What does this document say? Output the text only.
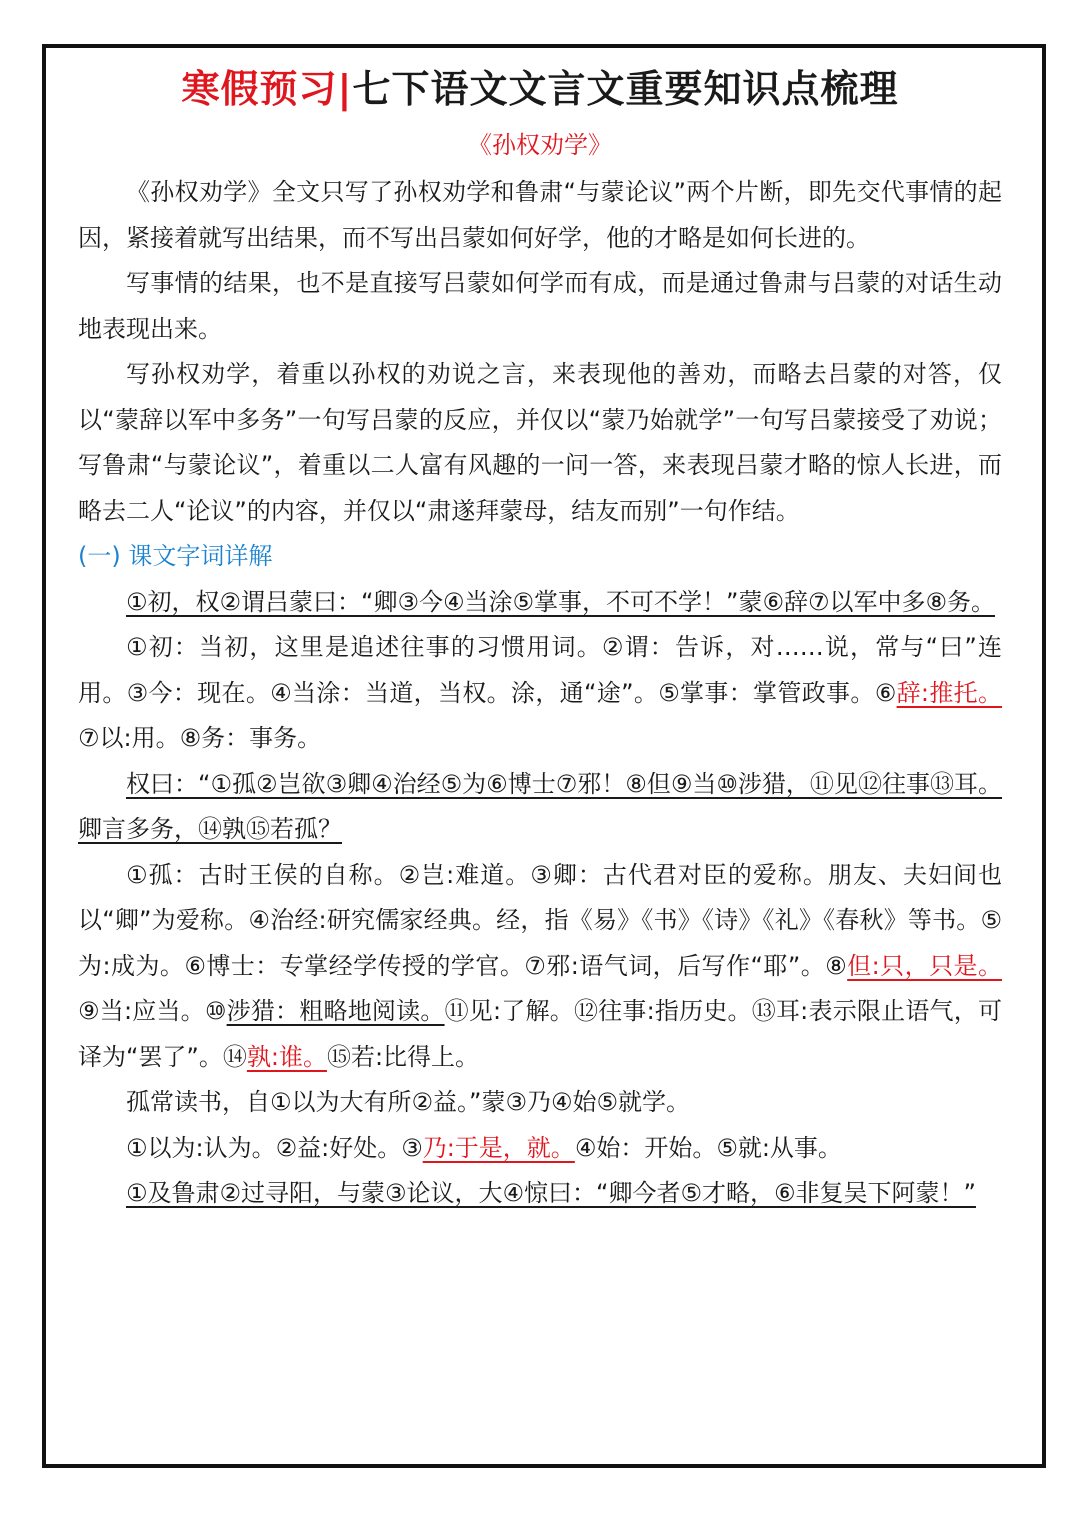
寒假预习|七下语文文言文重要知识点梳理

《孙权劝学》

《孙权劝学》全文只写了孙权劝学和鲁肃“与蒙论议”两个片断，即先交代事情的起因，紧接着就写出结果，而不写出吕蒙如何好学，他的才略是如何长进的。

写事情的结果，也不是直接写吕蒙如何学而有成，而是通过鲁肃与吕蒙的对话生动地表现出来。

写孙权劝学，着重以孙权的劝说之言，来表现他的善劝，而略去吕蒙的对答，仅以“蒙辞以军中多务”一句写吕蒙的反应，并仅以“蒙乃始就学”一句写吕蒙接受了劝说；写鲁肃“与蒙论议”，着重以二人富有风趣的一问一答，来表现吕蒙才略的惊人长进，而略去二人“论议”的内容，并仅以“肃遂拜蒙母，结友而别”一句作结。

(一) 课文字词详解

①初，权②谓吕蒙曰：“卿③今④当涂⑤掌事，不可不学！”蒙⑥辞⑦以军中多⑧务。

①初：当初，这里是追述往事的习惯用词。②谓：告诉，对……说，常与“曰”连用。③今：现在。④当涂：当道，当权。涂，通“途”。⑤掌事：掌管政事。⑥辞:推托。⑦以:用。⑧务：事务。

权曰：“①孤②岂欲③卿④治经⑤为⑥博士⑦邪！⑧但⑨当⑩涉猎，⑪见⑫往事⑬耳。卿言多务，⑭孰⑮若孤？

①孤：古时王侯的自称。②岂:难道。③卿：古代君对臣的爱称。朋友、夫妇间也以“卿”为爱称。④治经:研究儒家经典。经，指《易》《书》《诗》《礼》《春秋》等书。⑤为:成为。⑥博士：专掌经学传授的学官。⑦邪:语气词，后写作“耶”。⑧但:只，只是。⑨当:应当。⑩涉猎：粗略地阅读。⑪见:了解。⑫往事:指历史。⑬耳:表示限止语气，可译为“罢了”。⑭孰:谁。⑮若:比得上。

孤常读书，自①以为大有所②益。”蒙③乃④始⑤就学。

①以为:认为。②益:好处。③乃:于是，就。④始：开始。⑤就:从事。

①及鲁肃②过寻阳，与蒙③论议，大④惊曰：“卿今者⑤才略，⑥非复吴下阿蒙！”
